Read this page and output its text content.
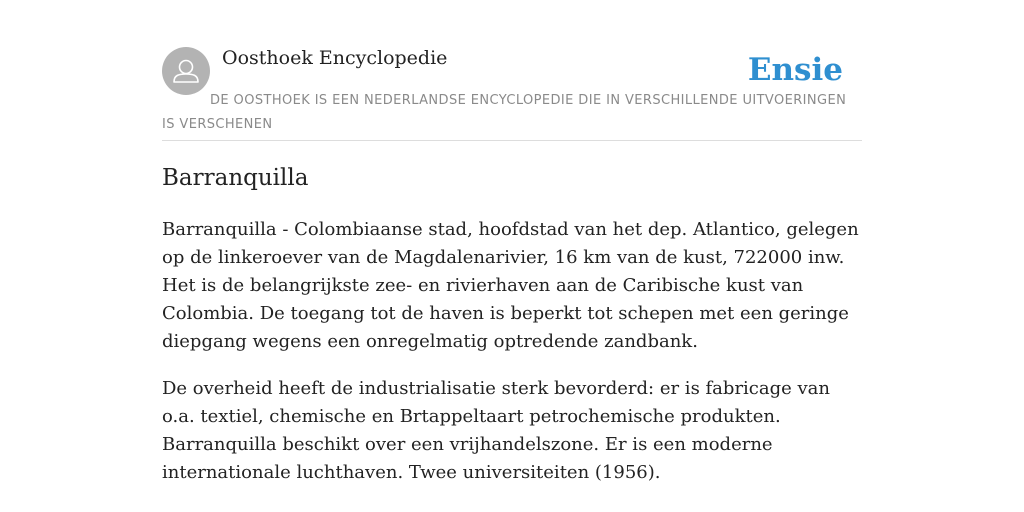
Oosthoek Encyclopedie	Ensie
DE OOSTHOEK IS EEN NEDERLANDSE ENCYCLOPEDIE DIE IN VERSCHILLENDE UITVOERINGEN IS VERSCHENEN
Barranquilla

Barranquilla - Colombiaanse stad, hoofdstad van het dep. Atlantico, gelegen op de linkeroever van de Magdalenarivier, 16 km van de kust, 722000 inw. Het is de belangrijkste zee- en rivierhaven aan de Caribische kust van Colombia. De toegang tot de haven is beperkt tot schepen met een geringe diepgang wegens een onregelmatig optredende zandbank.

De overheid heeft de industrialisatie sterk bevorderd: er is fabricage van o.a. textiel, chemische en Brtappeltaart petrochemische produkten. Barranquilla beschikt over een vrijhandelszone. Er is een moderne internationale luchthaven. Twee universiteiten (1956).
